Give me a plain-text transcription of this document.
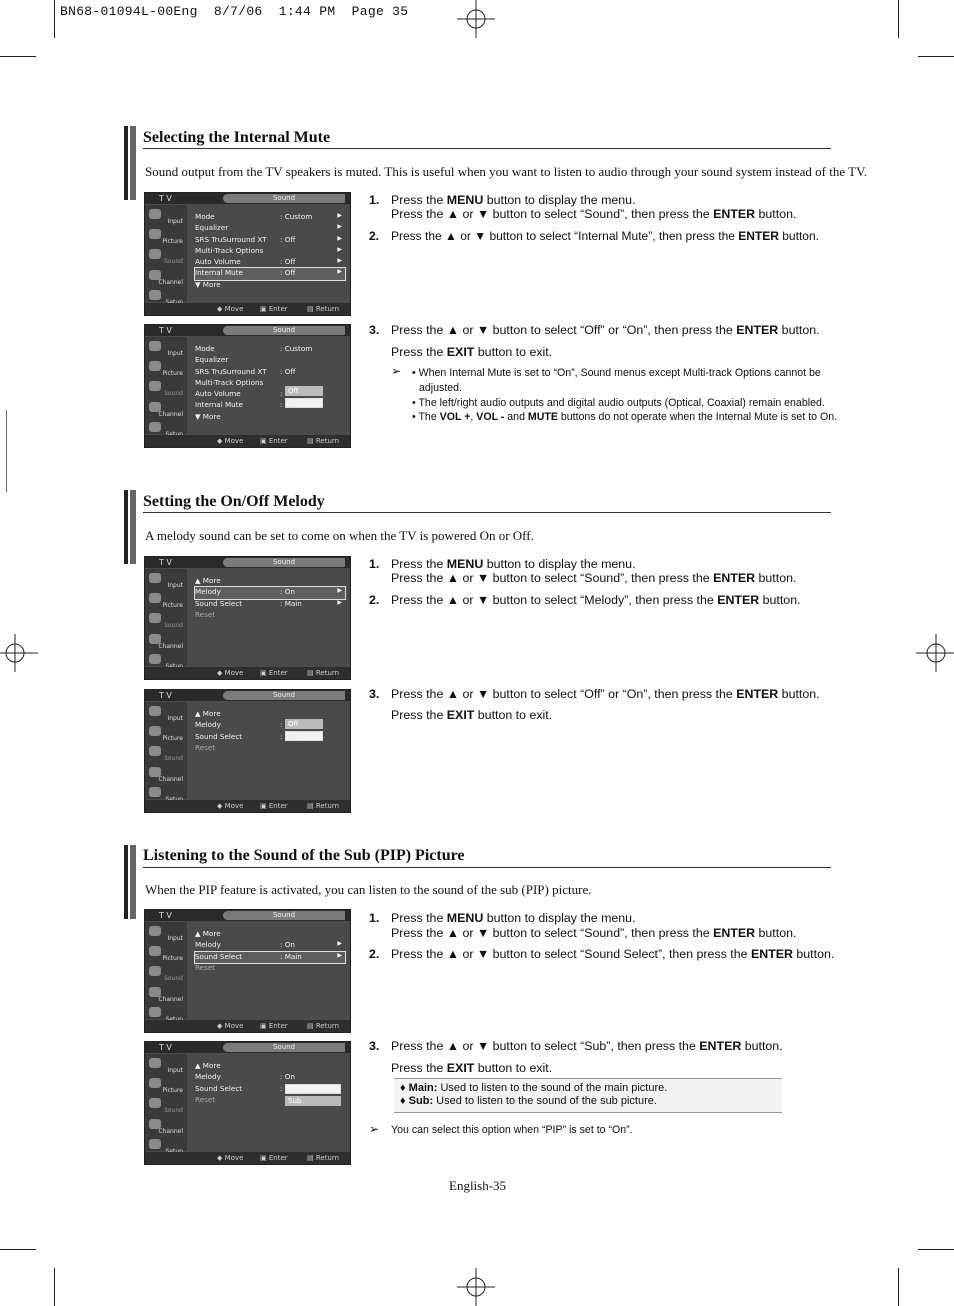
BN68-01094L-00Eng  8/7/06  1:44 PM  Page 35
Selecting the Internal Mute
Sound output from the TV speakers is muted. This is useful when you want to listen to audio through your sound system instead of the TV.
T V	Sound
Input
Picture
Sound
Channel
Mode	: Custom	▶
Equalizer	▶
SRS TruSurround XT : Off	▶
Multi-Track Options	▶
Auto Volume	: Off	▶
Internal Mute	: Off	▶
▼ More
◆ Move ▣ Enter	▤ Return
T V	Sound
Input
Picture
Sound
Channel
Mode	: Custom
Equalizer
SRS TruSurround XT : Off
Multi-Track Options
Auto Volume	:
Internal Mute	:
▼ More
Off
On
◆ Move ▣ Enter	▤ Return
1. Press the MENU button to display the menu.
Press the ▲ or ▼ button to select “Sound”, then press the ENTER button.
2. Press the ▲ or ▼ button to select “Internal Mute”, then press the ENTER button.
3. Press the ▲ or ▼ button to select “Off” or “On”, then press the ENTER button.
Press the EXIT button to exit.
➢ • When Internal Mute is set to “On”, Sound menus except Multi-track Options cannot be
adjusted.
• The left/right audio outputs and digital audio outputs (Optical, Coaxial) remain enabled.
• The VOL +, VOL - and MUTE buttons do not operate when the Internal Mute is set to On.
Setting the On/Off Melody
A melody sound can be set to come on when the TV is powered On or Off.
T V	Sound
Input
Picture
Sound
Channel
▲ More
Melody	: On	▶
Sound Select	: Main	▶
Reset
◆ Move ▣ Enter	▤ Return
T V	Sound
Input
Picture
Sound
Channel
▲ More
Melody	:
Sound Select	:
Reset
Off
On
◆ Move ▣ Enter	▤ Return
1. Press the MENU button to display the menu.
Press the ▲ or ▼ button to select “Sound”, then press the ENTER button.
2. Press the ▲ or ▼ button to select “Melody”, then press the ENTER button.
3. Press the ▲ or ▼ button to select “Off” or “On”, then press the ENTER button.
Press the EXIT button to exit.
Listening to the Sound of the Sub (PIP) Picture
When the PIP feature is activated, you can listen to the sound of the sub (PIP) picture.
T V	Sound
Input
Picture
Sound
Channel
▲ More
Melody	: On	▶
Sound Select	: Main	▶
Reset
◆ Move ▣ Enter	▤ Return
T V	Sound
Input
Picture
Sound
Channel
▲ More
Melody	: On
Sound Select	:
Reset
Main
Sub
◆ Move ▣ Enter	▤ Return
1. Press the MENU button to display the menu.
Press the ▲ or ▼ button to select “Sound”, then press the ENTER button.
2. Press the ▲ or ▼ button to select “Sound Select”, then press the ENTER button.
3. Press the ▲ or ▼ button to select “Sub”, then press the ENTER button.
Press the EXIT button to exit.
♦ Main: Used to listen to the sound of the main picture.
♦ Sub: Used to listen to the sound of the sub picture.
➢ You can select this option when “PIP” is set to “On”.
English-35
